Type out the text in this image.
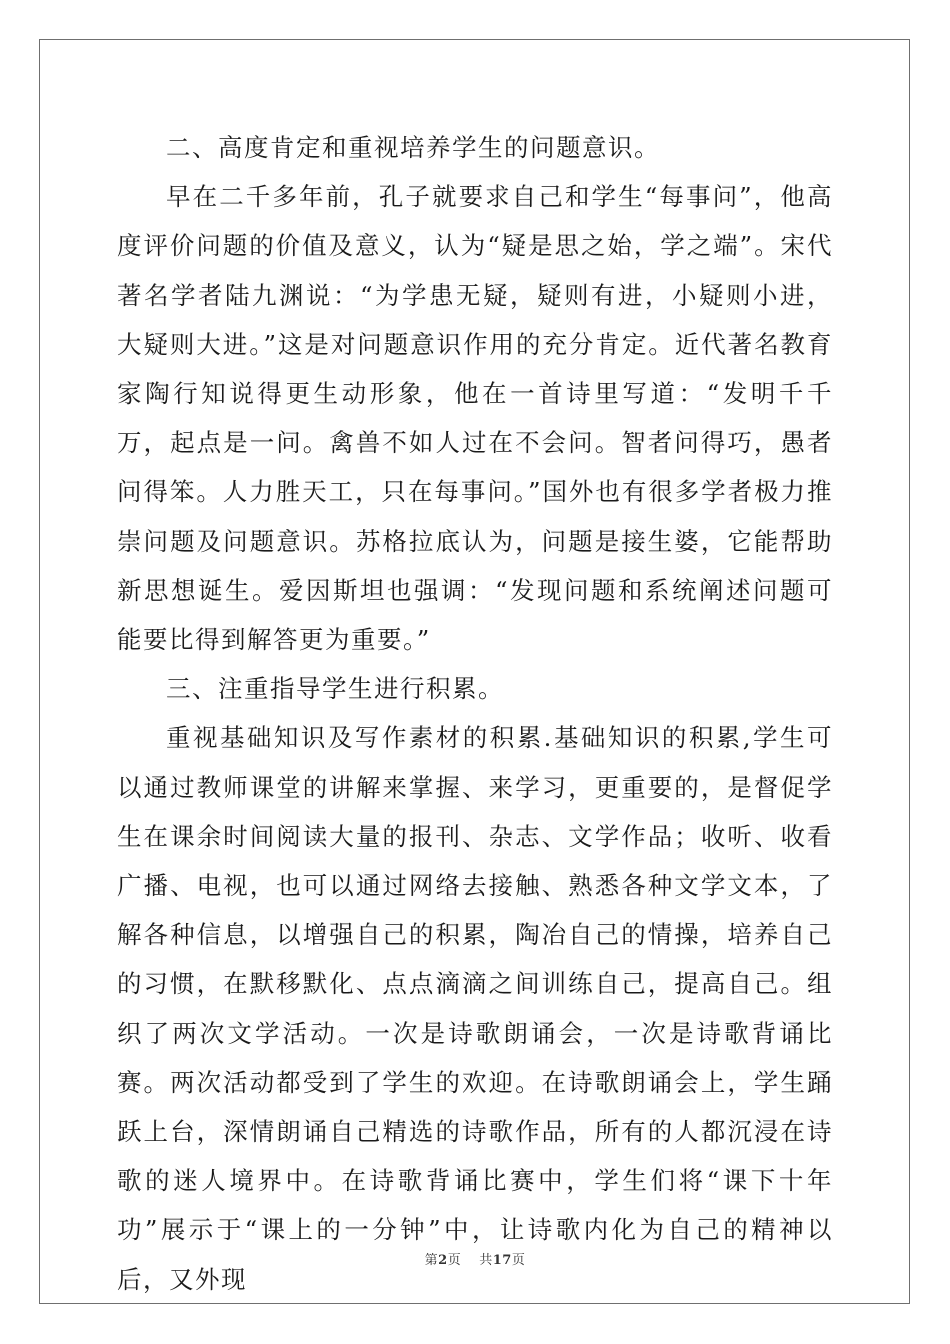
二、高度肯定和重视培养学生的问题意识。

早在二千多年前，孔子就要求自己和学生“每事问”，他高度评价问题的价值及意义，认为“疑是思之始，学之端”。宋代著名学者陆九渊说：“为学患无疑，疑则有进，小疑则小进，大疑则大进。”这是对问题意识作用的充分肯定。近代著名教育家陶行知说得更生动形象，他在一首诗里写道：“发明千千万，起点是一问。禽兽不如人过在不会问。智者问得巧，愚者问得笨。人力胜天工，只在每事问。”国外也有很多学者极力推崇问题及问题意识。苏格拉底认为，问题是接生婆，它能帮助新思想诞生。爱因斯坦也强调：“发现问题和系统阐述问题可能要比得到解答更为重要。”

三、注重指导学生进行积累。

重视基础知识及写作素材的积累.基础知识的积累,学生可以通过教师课堂的讲解来掌握、来学习，更重要的，是督促学生在课余时间阅读大量的报刊、杂志、文学作品；收听、收看广播、电视，也可以通过网络去接触、熟悉各种文学文本，了解各种信息，以增强自己的积累，陶冶自己的情操，培养自己的习惯，在默移默化、点点滴滴之间训练自己，提高自己。组织了两次文学活动。一次是诗歌朗诵会，一次是诗歌背诵比赛。两次活动都受到了学生的欢迎。在诗歌朗诵会上，学生踊跃上台，深情朗诵自己精选的诗歌作品，所有的人都沉浸在诗歌的迷人境界中。在诗歌背诵比赛中，学生们将“课下十年功”展示于“课上的一分钟”中，让诗歌内化为自己的精神以后，又外现

第2页 共17页
